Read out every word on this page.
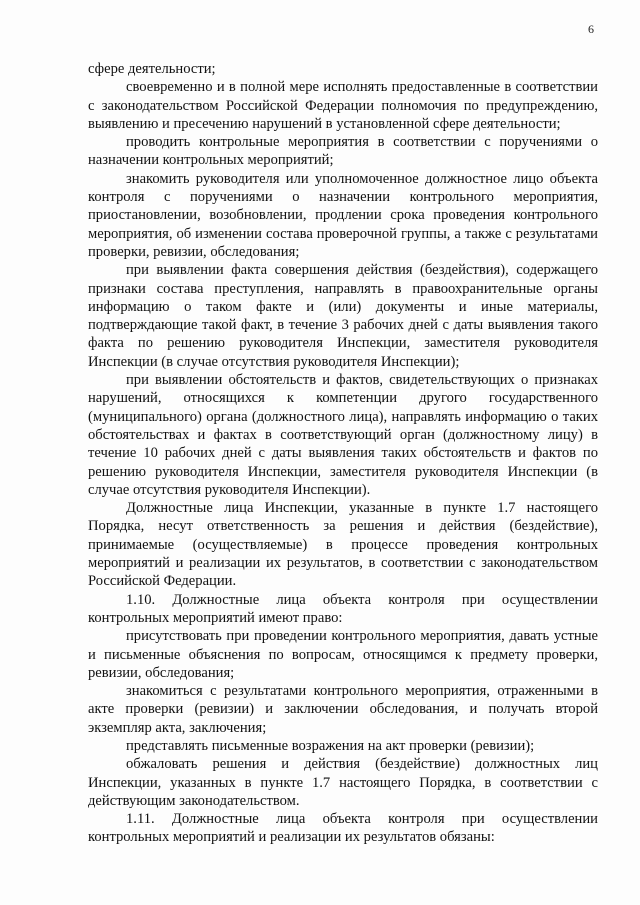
6

сфере деятельности;

своевременно и в полной мере исполнять предоставленные в соответствии с законодательством Российской Федерации полномочия по предупреждению, выявлению и пресечению нарушений в установленной сфере деятельности;

проводить контрольные мероприятия в соответствии с поручениями о назначении контрольных мероприятий;

знакомить руководителя или уполномоченное должностное лицо объекта контроля с поручениями о назначении контрольного мероприятия, приостановлении, возобновлении, продлении срока проведения контрольного мероприятия, об изменении состава проверочной группы, а также с результатами проверки, ревизии, обследования;

при выявлении факта совершения действия (бездействия), содержащего признаки состава преступления, направлять в правоохранительные органы информацию о таком факте и (или) документы и иные материалы, подтверждающие такой факт, в течение 3 рабочих дней с даты выявления такого факта по решению руководителя Инспекции, заместителя руководителя Инспекции (в случае отсутствия руководителя Инспекции);

при выявлении обстоятельств и фактов, свидетельствующих о признаках нарушений, относящихся к компетенции другого государственного (муниципального) органа (должностного лица), направлять информацию о таких обстоятельствах и фактах в соответствующий орган (должностному лицу) в течение 10 рабочих дней с даты выявления таких обстоятельств и фактов по решению руководителя Инспекции, заместителя руководителя Инспекции (в случае отсутствия руководителя Инспекции).

Должностные лица Инспекции, указанные в пункте 1.7 настоящего Порядка, несут ответственность за решения и действия (бездействие), принимаемые (осуществляемые) в процессе проведения контрольных мероприятий и реализации их результатов, в соответствии с законодательством Российской Федерации.

1.10. Должностные лица объекта контроля при осуществлении контрольных мероприятий имеют право:

присутствовать при проведении контрольного мероприятия, давать устные и письменные объяснения по вопросам, относящимся к предмету проверки, ревизии, обследования;

знакомиться с результатами контрольного мероприятия, отраженными в акте проверки (ревизии) и заключении обследования, и получать второй экземпляр акта, заключения;

представлять письменные возражения на акт проверки (ревизии);

обжаловать решения и действия (бездействие) должностных лиц Инспекции, указанных в пункте 1.7 настоящего Порядка, в соответствии с действующим законодательством.

1.11. Должностные лица объекта контроля при осуществлении контрольных мероприятий и реализации их результатов обязаны:
